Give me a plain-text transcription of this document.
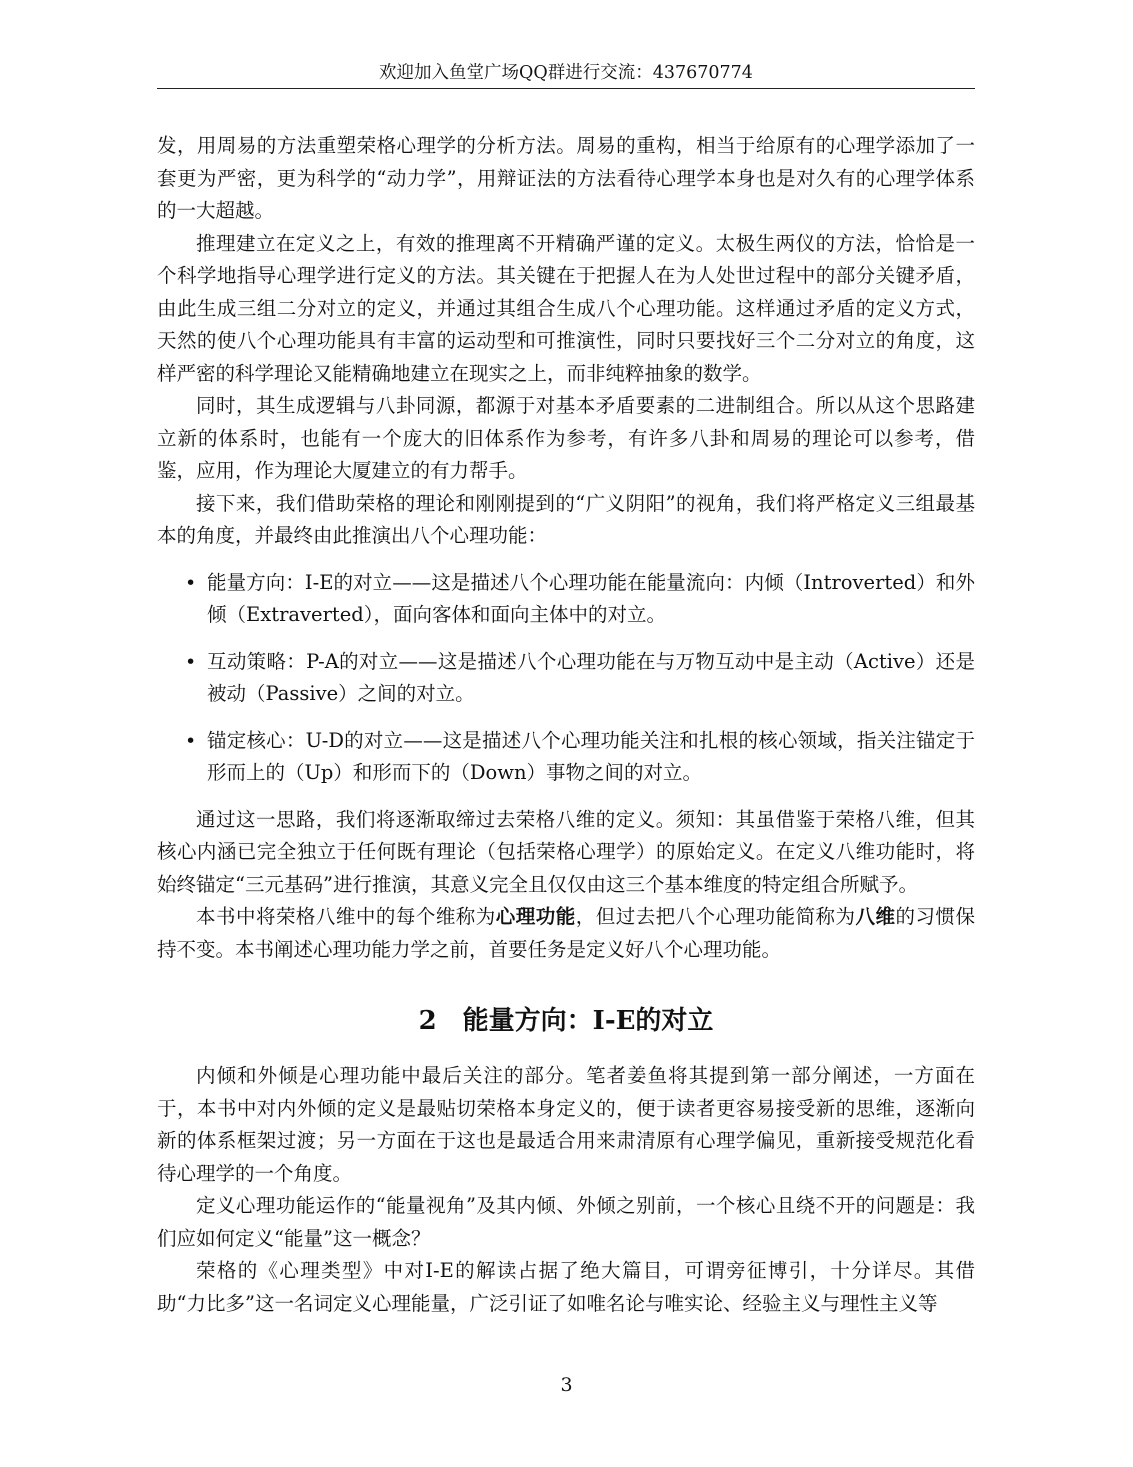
欢迎加入鱼堂广场QQ群进行交流：437670774

发，用周易的方法重塑荣格心理学的分析方法。周易的重构，相当于给原有的心理学添加了一套更为严密，更为科学的“动力学”，用辩证法的方法看待心理学本身也是对久有的心理学体系的一大超越。

推理建立在定义之上，有效的推理离不开精确严谨的定义。太极生两仪的方法，恰恰是一个科学地指导心理学进行定义的方法。其关键在于把握人在为人处世过程中的部分关键矛盾，由此生成三组二分对立的定义，并通过其组合生成八个心理功能。这样通过矛盾的定义方式，天然的使八个心理功能具有丰富的运动型和可推演性，同时只要找好三个二分对立的角度，这样严密的科学理论又能精确地建立在现实之上，而非纯粹抽象的数学。

同时，其生成逻辑与八卦同源，都源于对基本矛盾要素的二进制组合。所以从这个思路建立新的体系时，也能有一个庞大的旧体系作为参考，有许多八卦和周易的理论可以参考，借鉴，应用，作为理论大厦建立的有力帮手。

接下来，我们借助荣格的理论和刚刚提到的“广义阴阳”的视角，我们将严格定义三组最基本的角度，并最终由此推演出八个心理功能：

• 能量方向：I-E的对立——这是描述八个心理功能在能量流向：内倾（Introverted）和外倾（Extraverted），面向客体和面向主体中的对立。
• 互动策略：P-A的对立——这是描述八个心理功能在与万物互动中是主动（Active）还是被动（Passive）之间的对立。
• 锚定核心：U-D的对立——这是描述八个心理功能关注和扎根的核心领域，指关注锚定于形而上的（Up）和形而下的（Down）事物之间的对立。

通过这一思路，我们将逐渐取缔过去荣格八维的定义。须知：其虽借鉴于荣格八维，但其核心内涵已完全独立于任何既有理论（包括荣格心理学）的原始定义。在定义八维功能时，将始终锚定“三元基码”进行推演，其意义完全且仅仅由这三个基本维度的特定组合所赋予。

本书中将荣格八维中的每个维称为心理功能，但过去把八个心理功能简称为八维的习惯保持不变。本书阐述心理功能力学之前，首要任务是定义好八个心理功能。

2 能量方向：I-E的对立

内倾和外倾是心理功能中最后关注的部分。笔者姜鱼将其提到第一部分阐述，一方面在于，本书中对内外倾的定义是最贴切荣格本身定义的，便于读者更容易接受新的思维，逐渐向新的体系框架过渡；另一方面在于这也是最适合用来肃清原有心理学偏见，重新接受规范化看待心理学的一个角度。

定义心理功能运作的“能量视角”及其内倾、外倾之别前，一个核心且绕不开的问题是：我们应如何定义“能量”这一概念？

荣格的《心理类型》中对I-E的解读占据了绝大篇目，可谓旁征博引，十分详尽。其借助“力比多”这一名词定义心理能量，广泛引证了如唯名论与唯实论、经验主义与理性主义等

3
